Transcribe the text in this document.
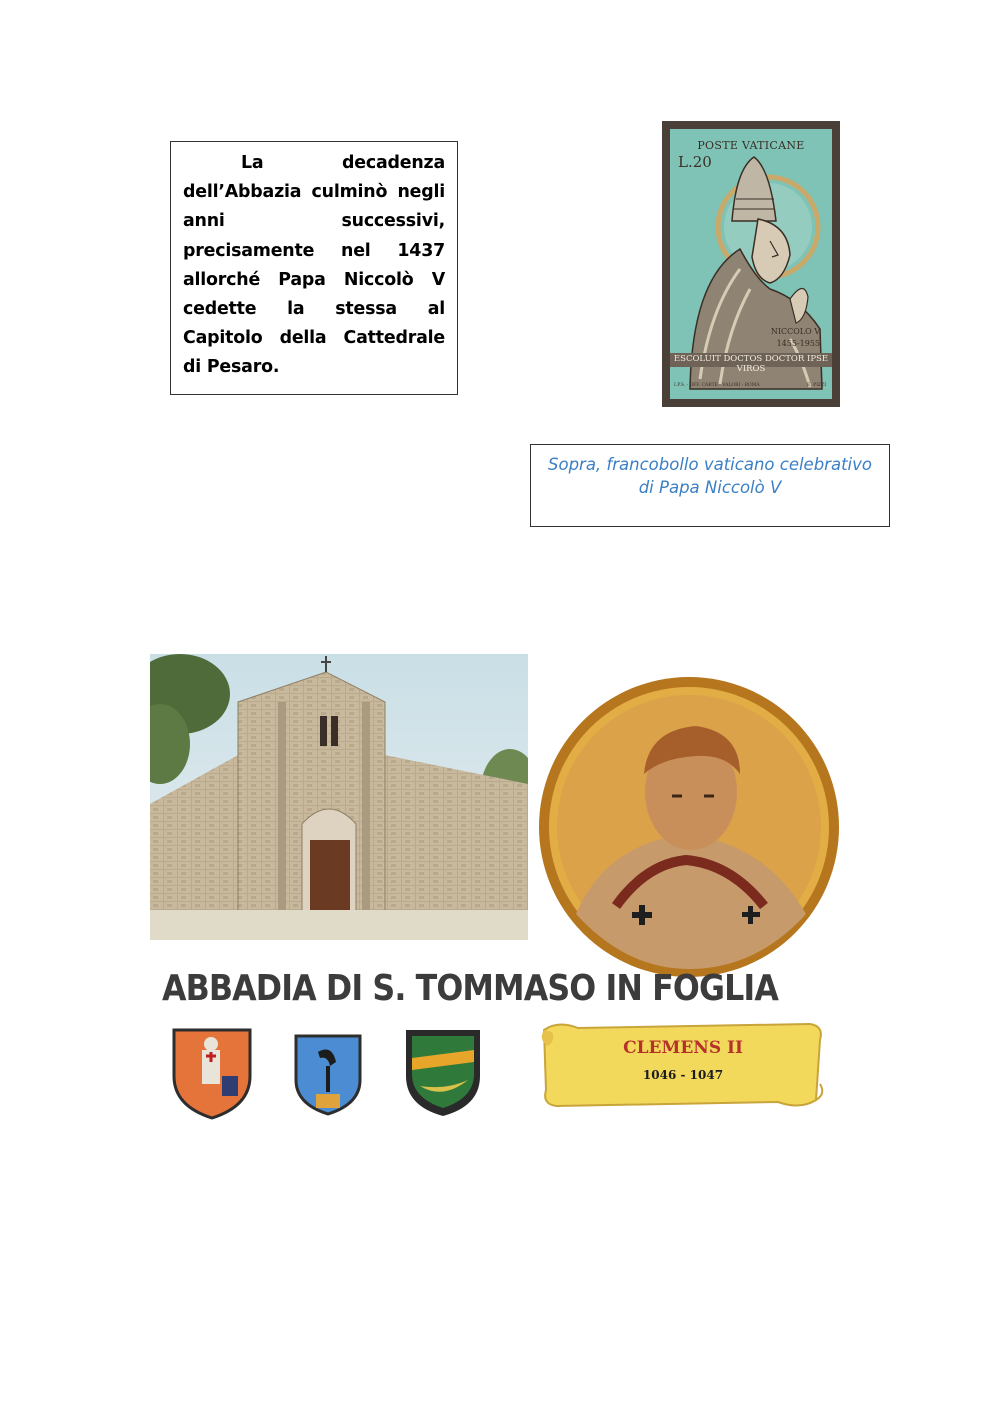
La decadenza dell’Abbazia culminò negli anni successivi, precisamente nel 1437 allorché Papa Niccolò V cedette la stessa al Capitolo della Cattedrale di Pesaro.

POSTE VATICANE
L.20
NICCOLO V
1455-1955
ESCOLUIT DOCTOS DOCTOR IPSE VIROS
I.P.S. - OFF. CARTE - VALORI - ROMA	E. PIZZI
Sopra, francobollo vaticano celebrativo
di Papa Niccolò V
ABBADIA DI S. TOMMASO IN FOGLIA
CLEMENS II
1046 - 1047
